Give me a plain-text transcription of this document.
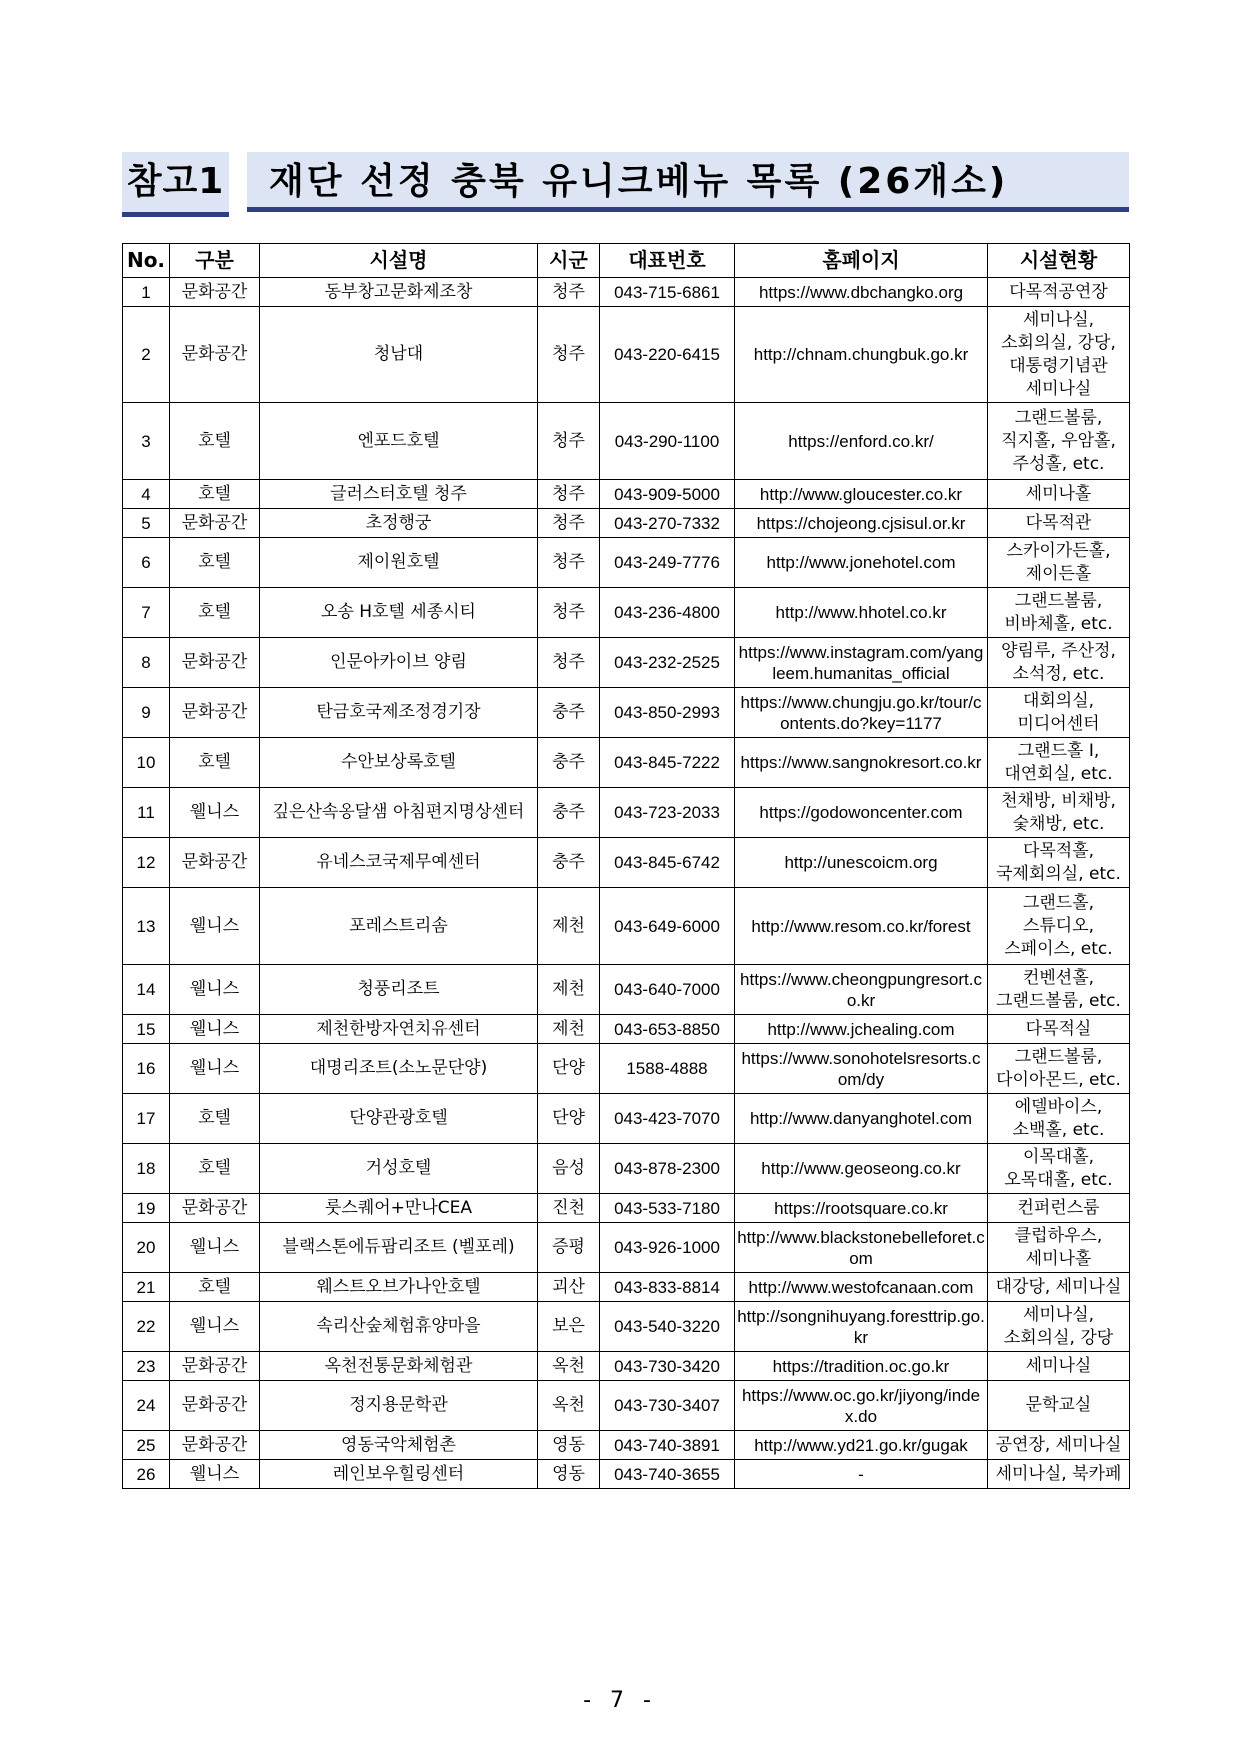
참고1	재단 선정 충북 유니크베뉴 목록 (26개소)
No.	구분	시설명	시군	대표번호	홈페이지	시설현황
1	문화공간	동부창고문화제조창	청주	043-715-6861	https://www.dbchangko.org	다목적공연장
2	문화공간	청남대	청주	043-220-6415	http://chnam.chungbuk.go.kr	세미나실,
소회의실, 강당,
대통령기념관
세미나실
3	호텔	엔포드호텔	청주	043-290-1100	https://enford.co.kr/	그랜드볼룸,
직지홀, 우암홀,
주성홀, etc.
4	호텔	글러스터호텔 청주	청주	043-909-5000	http://www.gloucester.co.kr	세미나홀
5	문화공간	초정행궁	청주	043-270-7332	https://chojeong.cjsisul.or.kr	다목적관
6	호텔	제이원호텔	청주	043-249-7776	http://www.jonehotel.com	스카이가든홀,
제이든홀
7	호텔	오송 H호텔 세종시티	청주	043-236-4800	http://www.hhotel.co.kr	그랜드볼룸,
비바체홀, etc.
8	문화공간	인문아카이브 양림	청주	043-232-2525	https://www.instagram.com/yangleem.humanitas_official	양림루, 주산정,
소석정, etc.
9	문화공간	탄금호국제조정경기장	충주	043-850-2993	https://www.chungju.go.kr/tour/contents.do?key=1177	대회의실,
미디어센터
10	호텔	수안보상록호텔	충주	043-845-7222	https://www.sangnokresort.co.kr	그랜드홀 I,
대연회실, etc.
11	웰니스	깊은산속옹달샘 아침편지명상센터	충주	043-723-2033	https://godowoncenter.com	천채방, 비채방,
숯채방, etc.
12	문화공간	유네스코국제무예센터	충주	043-845-6742	http://unescoicm.org	다목적홀,
국제회의실, etc.
13	웰니스	포레스트리솜	제천	043-649-6000	http://www.resom.co.kr/forest	그랜드홀,
스튜디오,
스페이스, etc.
14	웰니스	청풍리조트	제천	043-640-7000	https://www.cheongpungresort.co.kr	컨벤션홀,
그랜드볼룸, etc.
15	웰니스	제천한방자연치유센터	제천	043-653-8850	http://www.jchealing.com	다목적실
16	웰니스	대명리조트(소노문단양)	단양	1588-4888	https://www.sonohotelsresorts.com/dy	그랜드볼룸,
다이아몬드, etc.
17	호텔	단양관광호텔	단양	043-423-7070	http://www.danyanghotel.com	에델바이스,
소백홀, etc.
18	호텔	거성호텔	음성	043-878-2300	http://www.geoseong.co.kr	이목대홀,
오목대홀, etc.
19	문화공간	룻스퀘어+만나CEA	진천	043-533-7180	https://rootsquare.co.kr	컨퍼런스룸
20	웰니스	블랙스톤에듀팜리조트 (벨포레)	증평	043-926-1000	http://www.blackstonebelleforet.com	클럽하우스,
세미나홀
21	호텔	웨스트오브가나안호텔	괴산	043-833-8814	http://www.westofcanaan.com	대강당, 세미나실
22	웰니스	속리산숲체험휴양마을	보은	043-540-3220	http://songnihuyang.foresttrip.go.kr	세미나실,
소회의실, 강당
23	문화공간	옥천전통문화체험관	옥천	043-730-3420	https://tradition.oc.go.kr	세미나실
24	문화공간	정지용문학관	옥천	043-730-3407	https://www.oc.go.kr/jiyong/index.do	문학교실
25	문화공간	영동국악체험촌	영동	043-740-3891	http://www.yd21.go.kr/gugak	공연장, 세미나실
26	웰니스	레인보우힐링센터	영동	043-740-3655	-	세미나실, 북카페
- 7 -
